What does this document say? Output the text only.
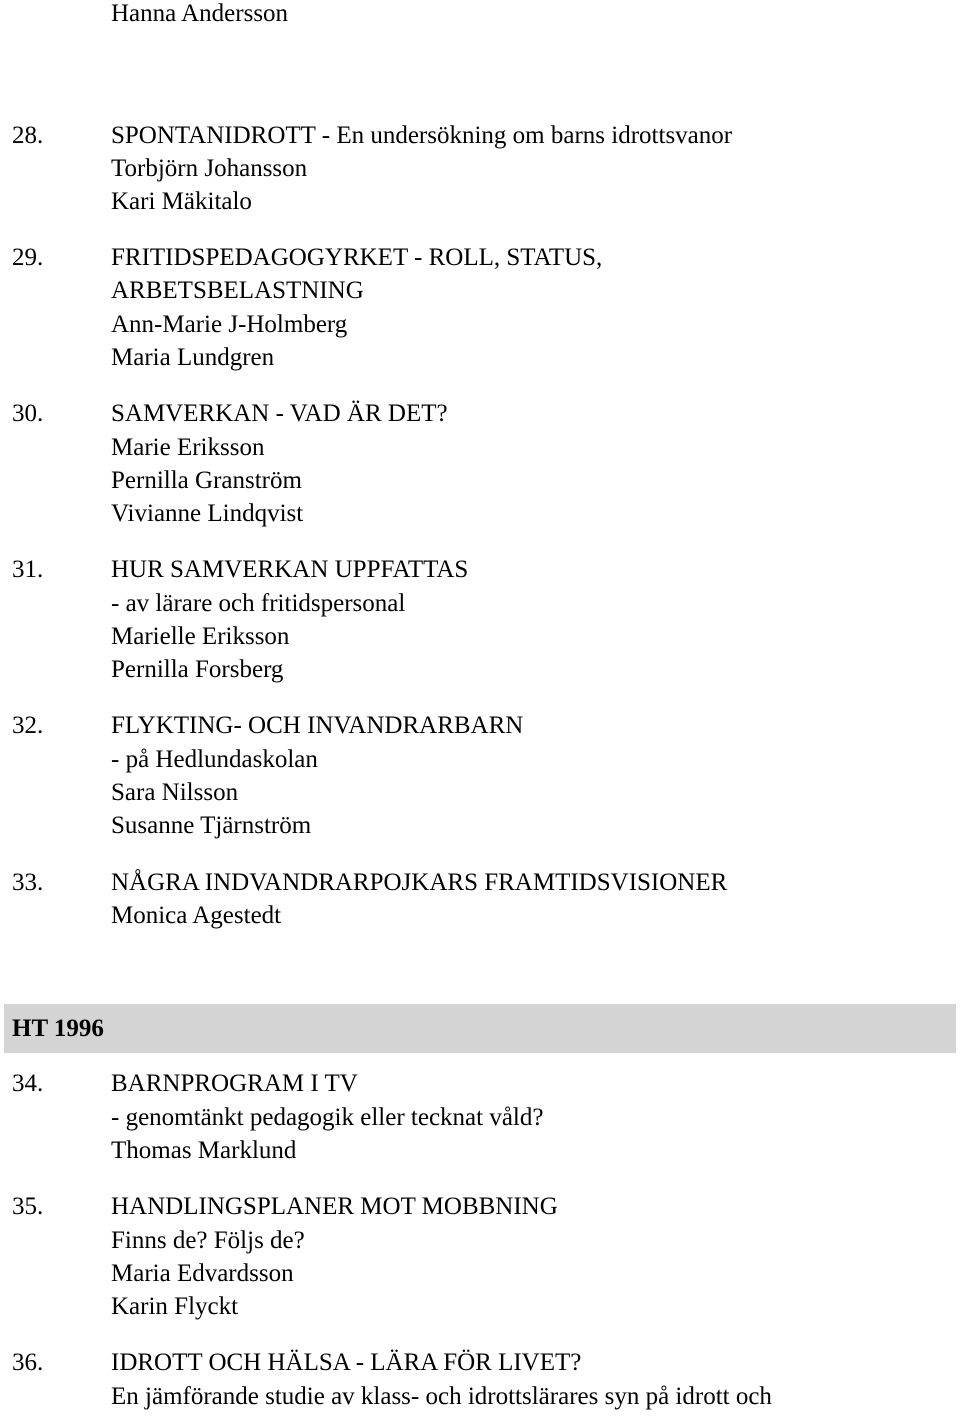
Hanna Andersson
28.	SPONTANIDROTT - En undersökning om barns idrottsvanor
Torbjörn Johansson
Kari Mäkitalo
29.	FRITIDSPEDAGOGYRKET - ROLL, STATUS,
ARBETSBELASTNING
Ann-Marie J-Holmberg
Maria Lundgren
30.	SAMVERKAN - VAD ÄR DET?
Marie Eriksson
Pernilla Granström
Vivianne Lindqvist
31.	HUR SAMVERKAN UPPFATTAS
- av lärare och fritidspersonal
Marielle Eriksson
Pernilla Forsberg
32.	FLYKTING- OCH INVANDRARBARN
- på Hedlundaskolan
Sara Nilsson
Susanne Tjärnström
33.	NÅGRA INDVANDRARPOJKARS FRAMTIDSVISIONER
Monica Agestedt
HT 1996
34.	BARNPROGRAM I TV
- genomtänkt pedagogik eller tecknat våld?
Thomas Marklund
35.	HANDLINGSPLANER MOT MOBBNING
Finns de? Följs de?
Maria Edvardsson
Karin Flyckt
36.	IDROTT OCH HÄLSA - LÄRA FÖR LIVET?
En jämförande studie av klass- och idrottslärares syn på idrott och
